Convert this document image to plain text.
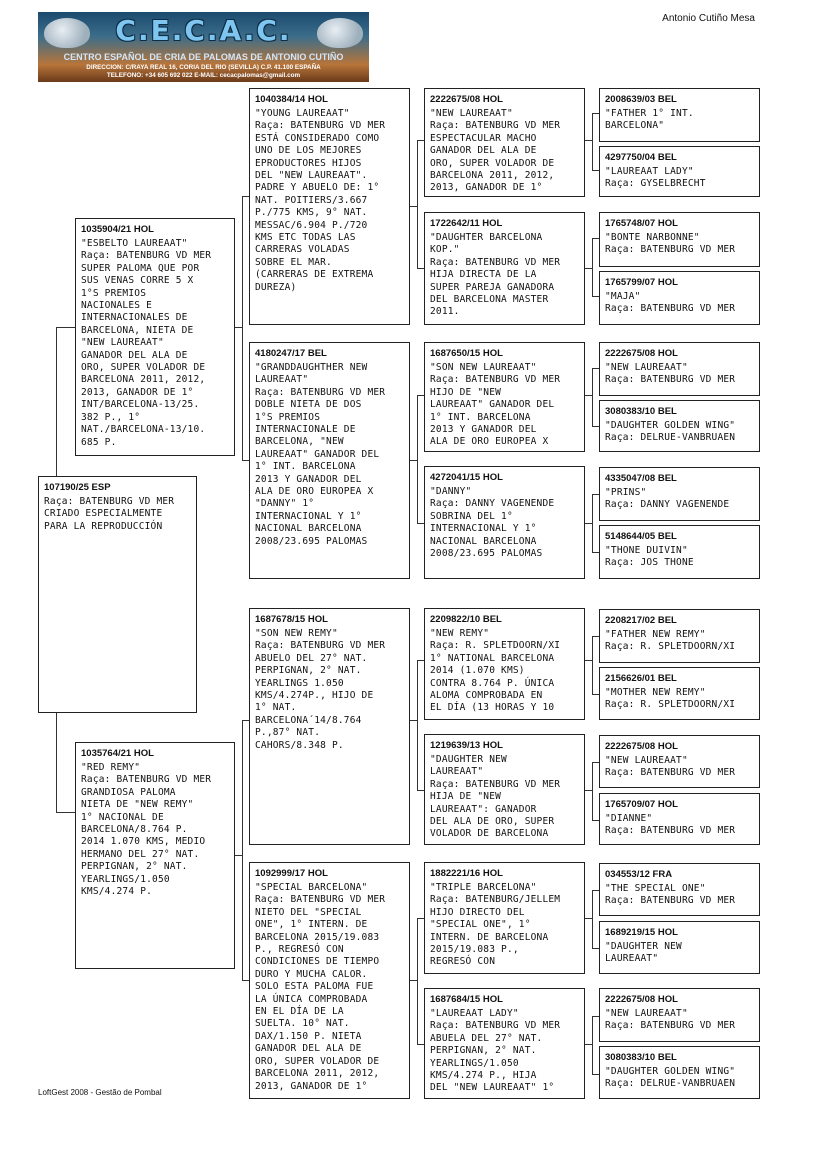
C.E.C.A.C.
CENTRO ESPAÑOL DE CRIA DE PALOMAS DE ANTONIO CUTIÑO
DIRECCION: C/RAYA REAL 16, CORIA DEL RIO (SEVILLA) C.P. 41.100 ESPAÑA
TELEFONO: +34 605 692 022 E-MAIL: cecacpalomas@gmail.com
Antonio Cutiño Mesa
107190/25 ESP
Raça: BATENBURG VD MER
CRIADO ESPECIALMENTE
PARA LA REPRODUCCIÓN
1035904/21 HOL
"ESBELTO LAUREAAT"
Raça: BATENBURG VD MER
SUPER PALOMA QUE POR
SUS VENAS CORRE 5 X
1°S PREMIOS
NACIONALES E
INTERNACIONALES DE
BARCELONA, NIETA DE
"NEW LAUREAAT"
GANADOR DEL ALA DE
ORO, SUPER VOLADOR DE
BARCELONA 2011, 2012,
2013, GANADOR DE 1°
INT/BARCELONA-13/25.
382 P., 1°
NAT./BARCELONA-13/10.
685 P.
1035764/21 HOL
"RED REMY"
Raça: BATENBURG VD MER
GRANDIOSA PALOMA
NIETA DE "NEW REMY"
1° NACIONAL DE
BARCELONA/8.764 P.
2014 1.070 KMS, MEDIO
HERMANO DEL 27° NAT.
PERPIGNAN, 2° NAT.
YEARLINGS/1.050
KMS/4.274 P.
1040384/14 HOL
"YOUNG LAUREAAT"
Raça: BATENBURG VD MER
ESTÁ CONSIDERADO COMO
UNO DE LOS MEJORES
EPRODUCTORES HIJOS
DEL "NEW LAUREAAT".
PADRE Y ABUELO DE: 1°
NAT. POITIERS/3.667
P./775 KMS, 9° NAT.
MESSAC/6.904 P./720
KMS ETC TODAS LAS
CARRERAS VOLADAS
SOBRE EL MAR.
(CARRERAS DE EXTREMA
DUREZA)
4180247/17 BEL
"GRANDDAUGHTHER NEW
LAUREAAT"
Raça: BATENBURG VD MER
DOBLE NIETA DE DOS
1°S PREMIOS
INTERNACIONALE DE
BARCELONA, "NEW
LAUREAAT" GANADOR DEL
1° INT. BARCELONA
2013 Y GANADOR DEL
ALA DE ORO EUROPEA X
"DANNY" 1°
INTERNACIONAL Y 1°
NACIONAL BARCELONA
2008/23.695 PALOMAS
1687678/15 HOL
"SON NEW REMY"
Raça: BATENBURG VD MER
ABUELO DEL 27° NAT.
PERPIGNAN, 2° NAT.
YEARLINGS 1.050
KMS/4.274P., HIJO DE
1° NAT.
BARCELONA´14/8.764
P.,87° NAT.
CAHORS/8.348 P.
1092999/17 HOL
"SPECIAL BARCELONA"
Raça: BATENBURG VD MER
NIETO DEL "SPECIAL
ONE", 1° INTERN. DE
BARCELONA 2015/19.083
P., REGRESÓ CON
CONDICIONES DE TIEMPO
DURO Y MUCHA CALOR.
SOLO ESTA PALOMA FUE
LA ÚNICA COMPROBADA
EN EL DÍA DE LA
SUELTA. 10° NAT.
DAX/1.150 P. NIETA
GANADOR DEL ALA DE
ORO, SUPER VOLADOR DE
BARCELONA 2011, 2012,
2013, GANADOR DE 1°
2222675/08 HOL
"NEW LAUREAAT"
Raça: BATENBURG VD MER
ESPECTACULAR MACHO
GANADOR DEL ALA DE
ORO, SUPER VOLADOR DE
BARCELONA 2011, 2012,
2013, GANADOR DE 1°
1722642/11 HOL
"DAUGHTER BARCELONA
KOP."
Raça: BATENBURG VD MER
HIJA DIRECTA DE LA
SUPER PAREJA GANADORA
DEL BARCELONA MASTER
2011.
1687650/15 HOL
"SON NEW LAUREAAT"
Raça: BATENBURG VD MER
HIJO DE "NEW
LAUREAAT" GANADOR DEL
1° INT. BARCELONA
2013 Y GANADOR DEL
ALA DE ORO EUROPEA X
4272041/15 HOL
"DANNY"
Raça: DANNY VAGENENDE
SOBRINA DEL 1°
INTERNACIONAL Y 1°
NACIONAL BARCELONA
2008/23.695 PALOMAS
2209822/10 BEL
"NEW REMY"
Raça: R. SPLETDOORN/XI
1° NATIONAL BARCELONA
2014 (1.070 KMS)
CONTRA 8.764 P. ÚNICA
ALOMA COMPROBADA EN
EL DÍA (13 HORAS Y 10
1219639/13 HOL
"DAUGHTER NEW
LAUREAAT"
Raça: BATENBURG VD MER
HIJA DE "NEW
LAUREAAT": GANADOR
DEL ALA DE ORO, SUPER
VOLADOR DE BARCELONA
1882221/16 HOL
"TRIPLE BARCELONA"
Raça: BATENBURG/JELLEM
HIJO DIRECTO DEL
"SPECIAL ONE", 1°
INTERN. DE BARCELONA
2015/19.083 P.,
REGRESÓ CON
1687684/15 HOL
"LAUREAAT LADY"
Raça: BATENBURG VD MER
ABUELA DEL 27° NAT.
PERPIGNAN, 2° NAT.
YEARLINGS/1.050
KMS/4.274 P., HIJA
DEL "NEW LAUREAAT" 1°
2008639/03 BEL
"FATHER 1° INT.
BARCELONA"
4297750/04 BEL
"LAUREAAT LADY"
Raça: GYSELBRECHT
1765748/07 HOL
"BONTE NARBONNE"
Raça: BATENBURG VD MER
1765799/07 HOL
"MAJA"
Raça: BATENBURG VD MER
2222675/08 HOL
"NEW LAUREAAT"
Raça: BATENBURG VD MER
3080383/10 BEL
"DAUGHTER GOLDEN WING"
Raça: DELRUE-VANBRUAEN
4335047/08 BEL
"PRINS"
Raça: DANNY VAGENENDE
5148644/05 BEL
"THONE DUIVIN"
Raça: JOS THONE
2208217/02 BEL
"FATHER NEW REMY"
Raça: R. SPLETDOORN/XI
2156626/01 BEL
"MOTHER NEW REMY"
Raça: R. SPLETDOORN/XI
2222675/08 HOL
"NEW LAUREAAT"
Raça: BATENBURG VD MER
1765709/07 HOL
"DIANNE"
Raça: BATENBURG VD MER
034553/12 FRA
"THE SPECIAL ONE"
Raça: BATENBURG VD MER
1689219/15 HOL
"DAUGHTER NEW
LAUREAAT"
2222675/08 HOL
"NEW LAUREAAT"
Raça: BATENBURG VD MER
3080383/10 BEL
"DAUGHTER GOLDEN WING"
Raça: DELRUE-VANBRUAEN
LoftGest 2008 - Gestão de Pombal
